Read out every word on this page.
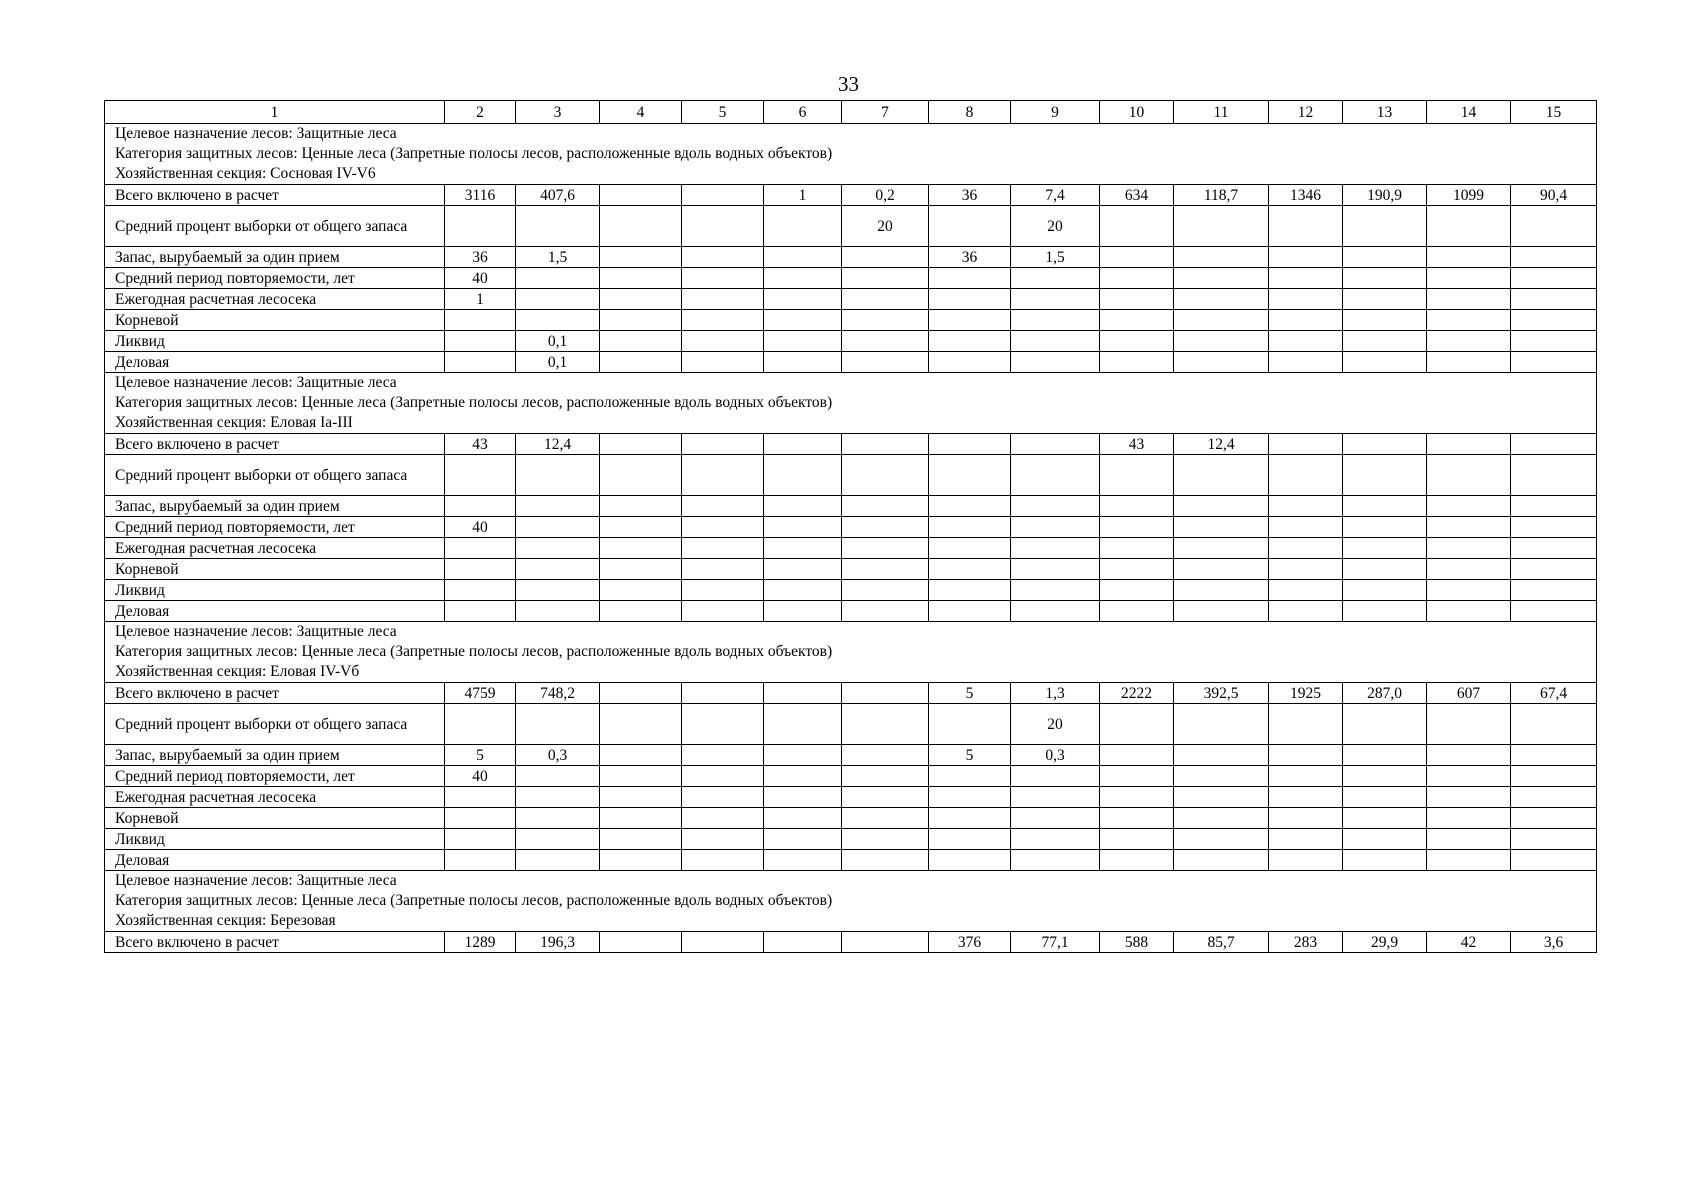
33
1	2	3	4	5	6	7	8	9	10	11	12	13	14	15

Целевое назначение лесов: Защитные леса
Категория защитных лесов: Ценные леса (Запретные полосы лесов, расположенные вдоль водных объектов)
Хозяйственная секция: Сосновая IV-V6														

Всего включено в расчет	3116	407,6			1	0,2	36	7,4	634	118,7	1346	190,9	1099	90,4
Средний процент выборки от общего запаса						20		20						
Запас, вырубаемый за один прием	36	1,5					36	1,5						
Средний период повторяемости, лет	40													
Ежегодная расчетная лесосека	1													
Корневой														
Ликвид		0,1												
Деловая		0,1												

Целевое назначение лесов: Защитные леса
Категория защитных лесов: Ценные леса (Запретные полосы лесов, расположенные вдоль водных объектов)
Хозяйственная секция: Еловая Ia-III														

Всего включено в расчет	43	12,4							43	12,4				
Средний процент выборки от общего запаса														
Запас, вырубаемый за один прием														
Средний период повторяемости, лет	40													
Ежегодная расчетная лесосека														
Корневой														
Ликвид														
Деловая														

Целевое назначение лесов: Защитные леса
Категория защитных лесов: Ценные леса (Запретные полосы лесов, расположенные вдоль водных объектов)
Хозяйственная секция: Еловая IV-Vб														

Всего включено в расчет	4759	748,2					5	1,3	2222	392,5	1925	287,0	607	67,4
Средний процент выборки от общего запаса								20						
Запас, вырубаемый за один прием	5	0,3					5	0,3						
Средний период повторяемости, лет	40													
Ежегодная расчетная лесосека														
Корневой														
Ликвид														
Деловая														

Целевое назначение лесов: Защитные леса
Категория защитных лесов: Ценные леса (Запретные полосы лесов, расположенные вдоль водных объектов)
Хозяйственная секция: Березовая														

Всего включено в расчет	1289	196,3					376	77,1	588	85,7	283	29,9	42	3,6
